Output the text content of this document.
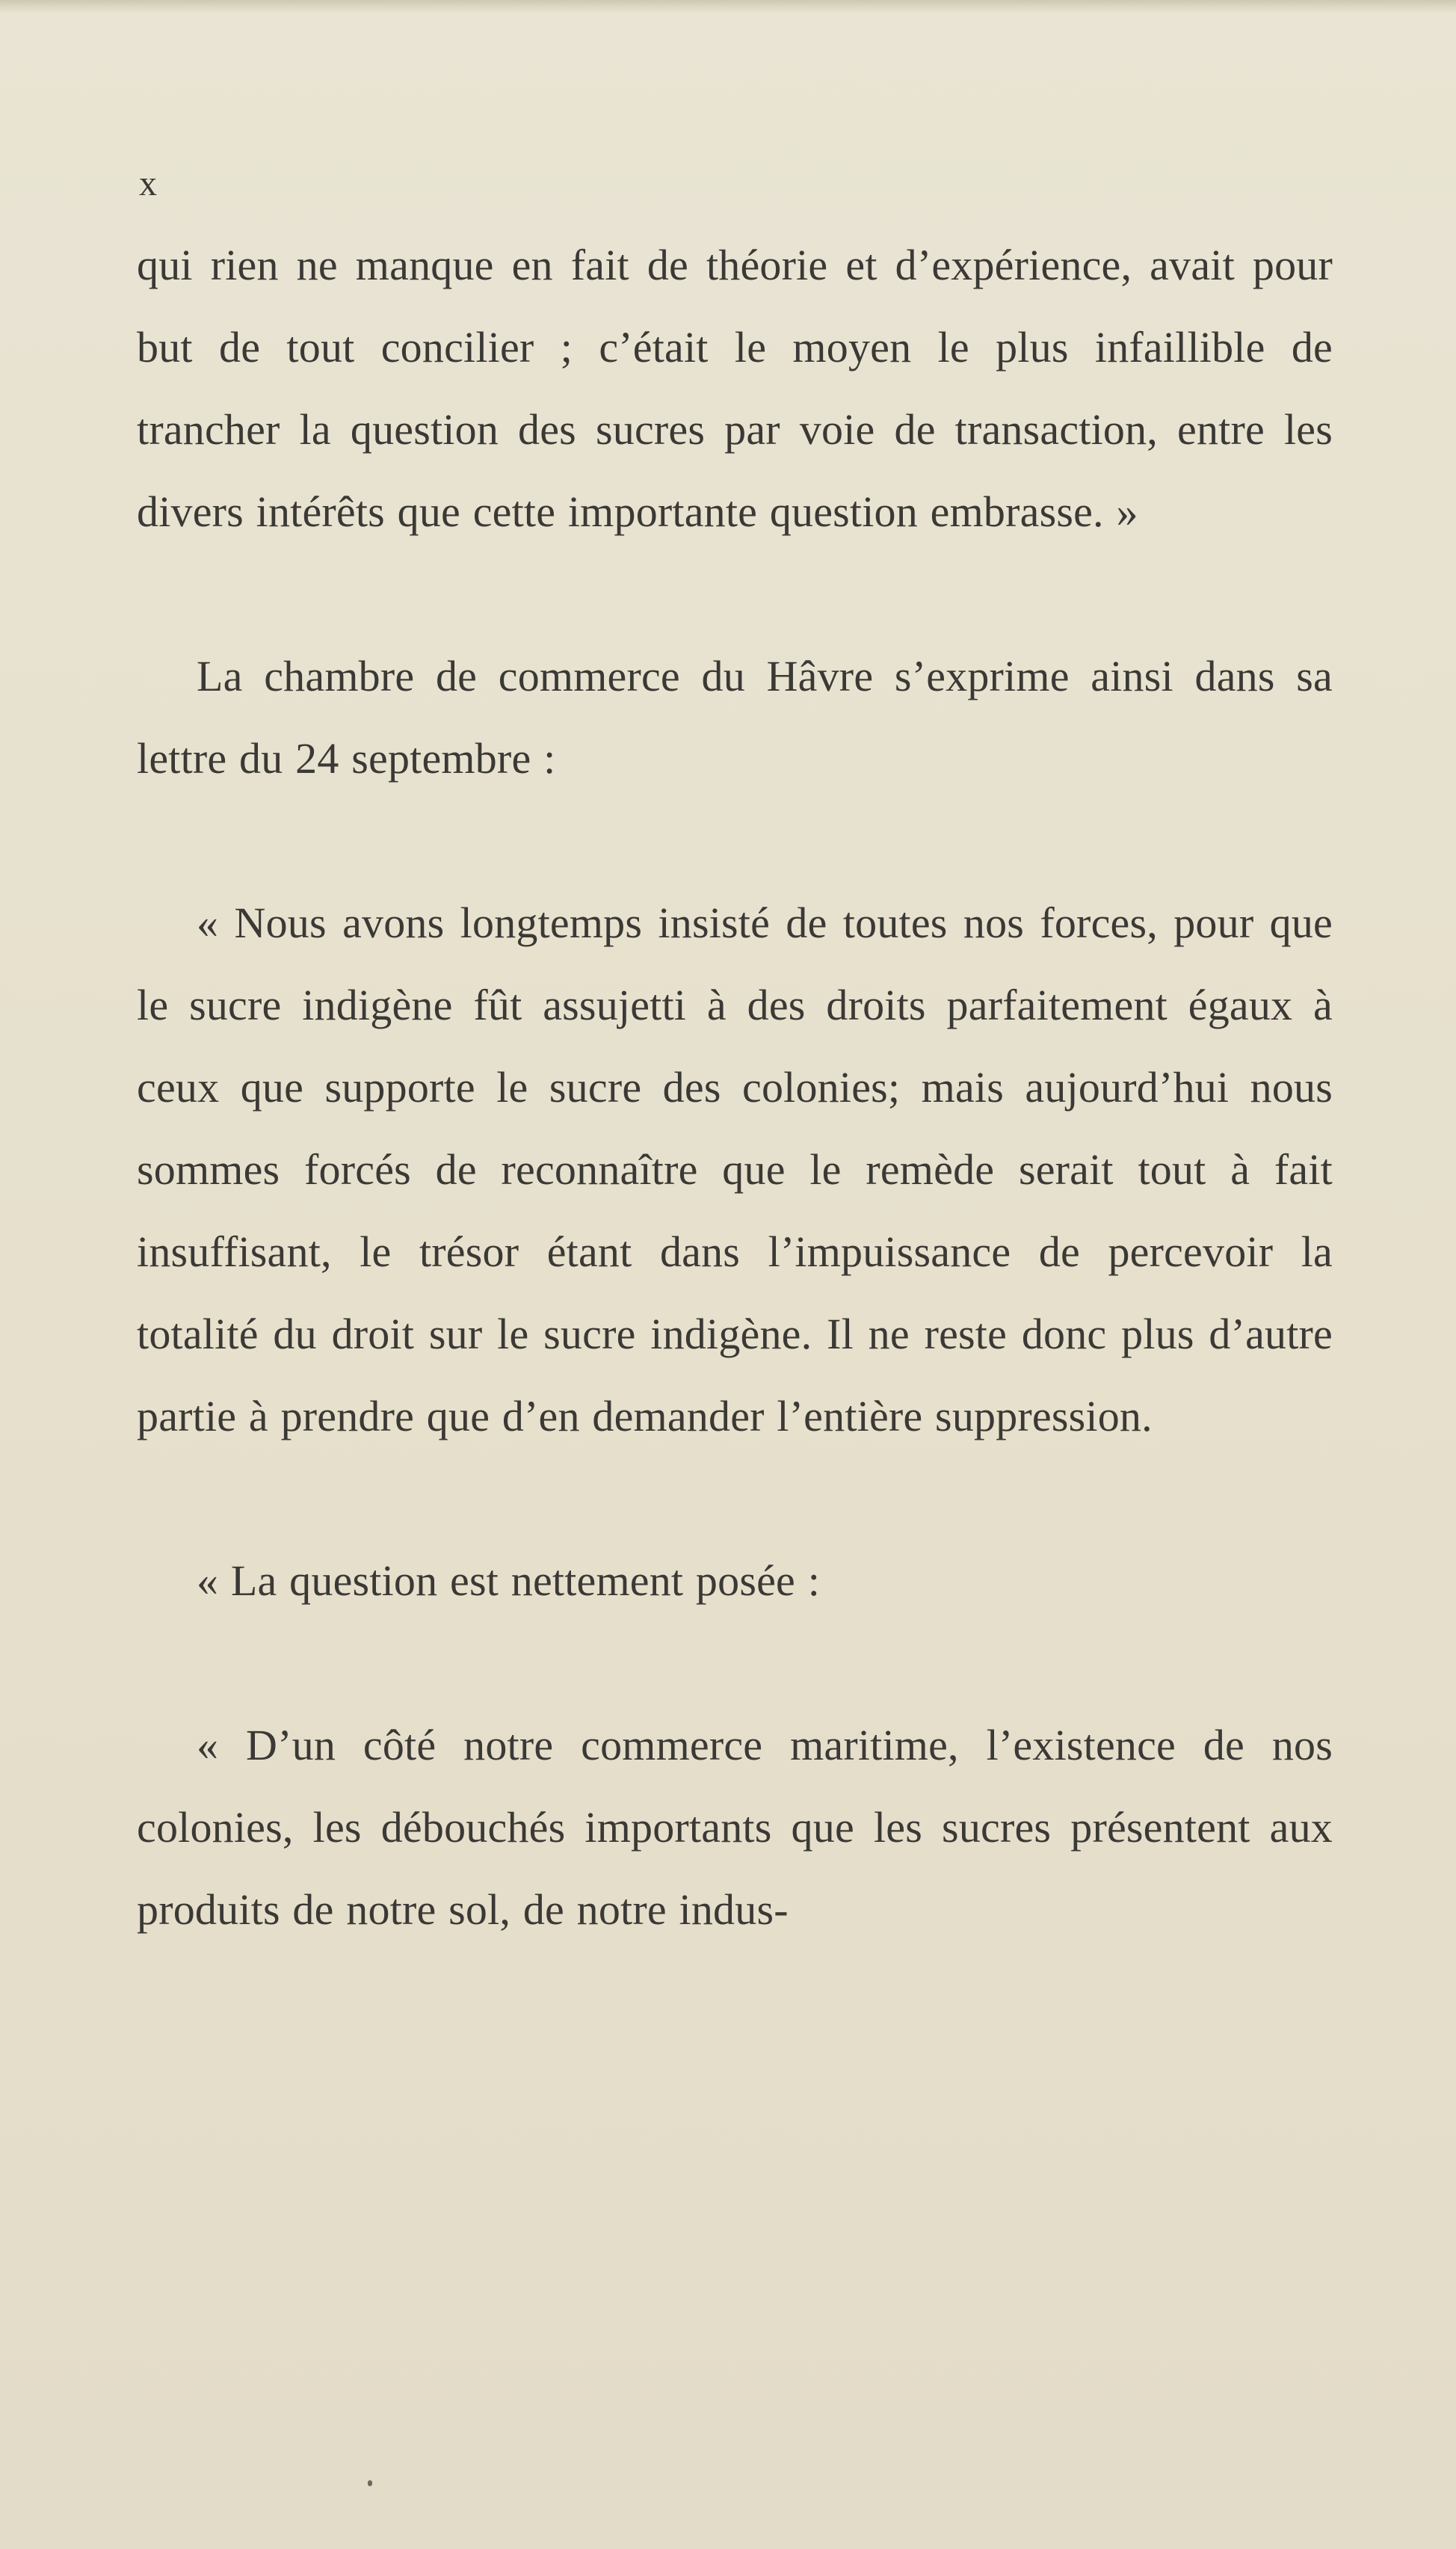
x

qui rien ne manque en fait de théorie et d’expérience, avait pour but de tout concilier ; c’était le moyen le plus infaillible de trancher la question des sucres par voie de transaction, entre les divers intérêts que cette importante question embrasse. »

La chambre de commerce du Hâvre s’exprime ainsi dans sa lettre du 24 septembre :

« Nous avons longtemps insisté de toutes nos forces, pour que le sucre indigène fût assujetti à des droits parfaitement égaux à ceux que supporte le sucre des colonies; mais aujourd’hui nous sommes forcés de reconnaître que le remède serait tout à fait insuffisant, le trésor étant dans l’impuissance de percevoir la totalité du droit sur le sucre indigène. Il ne reste donc plus d’autre partie à prendre que d’en demander l’entière suppression.

« La question est nettement posée :

« D’un côté notre commerce maritime, l’existence de nos colonies, les débouchés importants que les sucres présentent aux produits de notre sol, de notre indus-
